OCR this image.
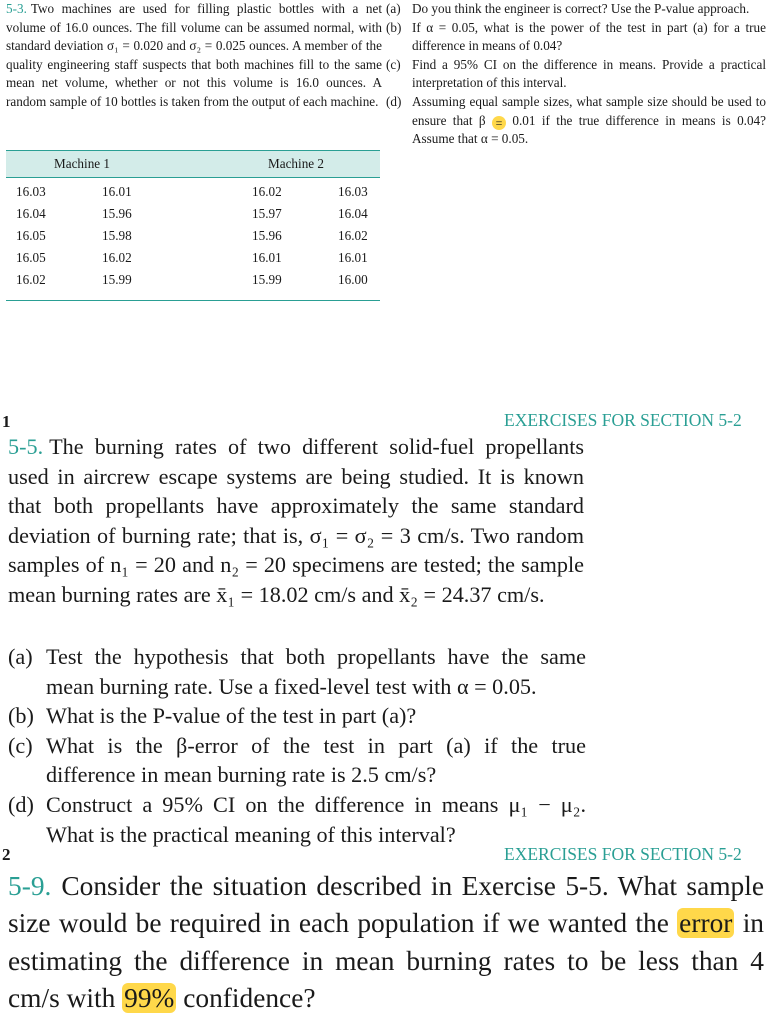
5-3. Two machines are used for filling plastic bottles with a net volume of 16.0 ounces. The fill volume can be assumed normal, with standard deviation σ₁ = 0.020 and σ₂ = 0.025 ounces. A member of the quality engineering staff suspects that both machines fill to the same mean net volume, whether or not this volume is 16.0 ounces. A random sample of 10 bottles is taken from the output of each machine.
(a) Do you think the engineer is correct? Use the P-value approach.
(b) If α = 0.05, what is the power of the test in part (a) for a true difference in means of 0.04?
(c) Find a 95% CI on the difference in means. Provide a practical interpretation of this interval.
(d) Assuming equal sample sizes, what sample size should be used to ensure that β = 0.01 if the true difference in means is 0.04? Assume that α = 0.05.
Machine 1	Machine 2
16.03	16.01	16.02	16.03
16.04	15.96	15.97	16.04
16.05	15.98	15.96	16.02
16.05	16.02	16.01	16.01
16.02	15.99	15.99	16.00
1	EXERCISES FOR SECTION 5-2
5-5. The burning rates of two different solid-fuel propellants used in aircrew escape systems are being studied. It is known that both propellants have approximately the same standard deviation of burning rate; that is, σ₁ = σ₂ = 3 cm/s. Two random samples of n₁ = 20 and n₂ = 20 specimens are tested; the sample mean burning rates are x̄₁ = 18.02 cm/s and x̄₂ = 24.37 cm/s.
(a) Test the hypothesis that both propellants have the same mean burning rate. Use a fixed-level test with α = 0.05.
(b) What is the P-value of the test in part (a)?
(c) What is the β-error of the test in part (a) if the true difference in mean burning rate is 2.5 cm/s?
(d) Construct a 95% CI on the difference in means μ₁ − μ₂. What is the practical meaning of this interval?
2	EXERCISES FOR SECTION 5-2
5-9. Consider the situation described in Exercise 5-5. What sample size would be required in each population if we wanted the error in estimating the difference in mean burning rates to be less than 4 cm/s with 99% confidence?
